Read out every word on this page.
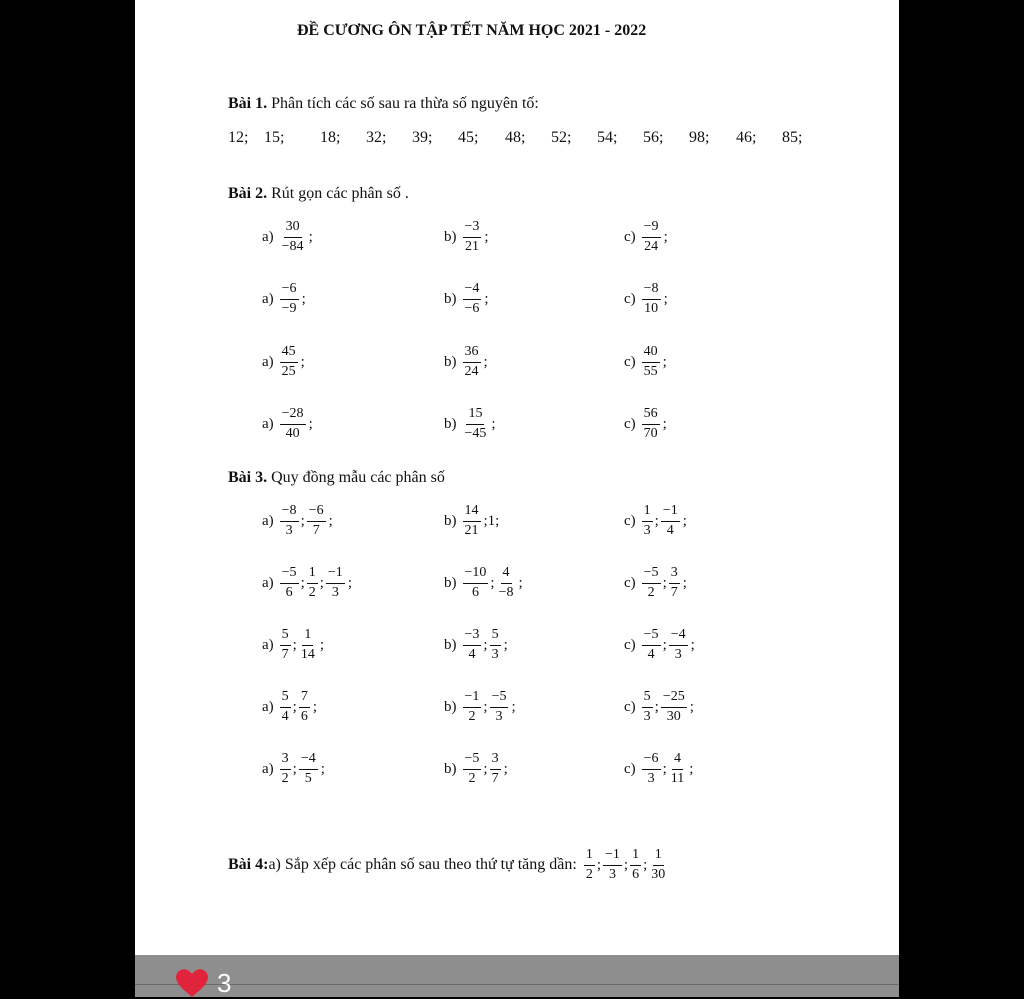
ĐỀ CƯƠNG ÔN TẬP TẾT NĂM HỌC 2021 - 2022
Bài 1. Phân tích các số sau ra thừa số nguyên tố:
12; 15; 18; 32; 39; 45; 48; 52; 54; 56; 98; 46; 85;
Bài 2. Rút gọn các phân số .
$a) \frac{30}{-84}$ ;	$b) \frac{-3}{21}$ ;	$c) \frac{-9}{24}$ ;
$a) \frac{-6}{-9}$ ;	$b) \frac{-4}{-6}$ ;	$c) \frac{-8}{10}$ ;
$a) \frac{45}{25}$ ;	$b) \frac{36}{24}$ ;	$c) \frac{40}{55}$ ;
$a) \frac{-28}{40}$ ;	$b) \frac{15}{-45}$ ;	$c) \frac{56}{70}$ ;
Bài 3. Quy đồng mẫu các phân số
$a) \frac{-8}{3}$ ; $\frac{-6}{7}$ ;	$b) \frac{14}{21}$ ;1;	$c) \frac{1}{3}$ ; $\frac{-1}{4}$ ;
$a) \frac{-5}{6}$ ; $\frac{1}{2}$ ; $\frac{-1}{3}$ ;	$b) \frac{-10}{6}$ ; $\frac{4}{-8}$ ;	$c) \frac{-5}{2}$ ; $\frac{3}{7}$ ;
$a) \frac{5}{7}$ ; $\frac{1}{14}$ ;	$b) \frac{-3}{4}$ ; $\frac{5}{3}$ ;	$c) \frac{-5}{4}$ ; $\frac{-4}{3}$ ;
$a) \frac{5}{4}$ ; $\frac{7}{6}$ ;	$b) \frac{-1}{2}$ ; $\frac{-5}{3}$ ;	$c) \frac{5}{3}$ ; $\frac{-25}{30}$ ;
$a) \frac{3}{2}$ ; $\frac{-4}{5}$ ;	$b) \frac{-5}{2}$ ; $\frac{3}{7}$ ;	$c) \frac{-6}{3}$ ; $\frac{4}{11}$ ;
Bài 4: a) Sắp xếp các phân số sau theo thứ tự tăng dần: $\frac{1}{2}$ ; $\frac{-1}{3}$ ; $\frac{1}{6}$ ; $\frac{1}{30}$
3
